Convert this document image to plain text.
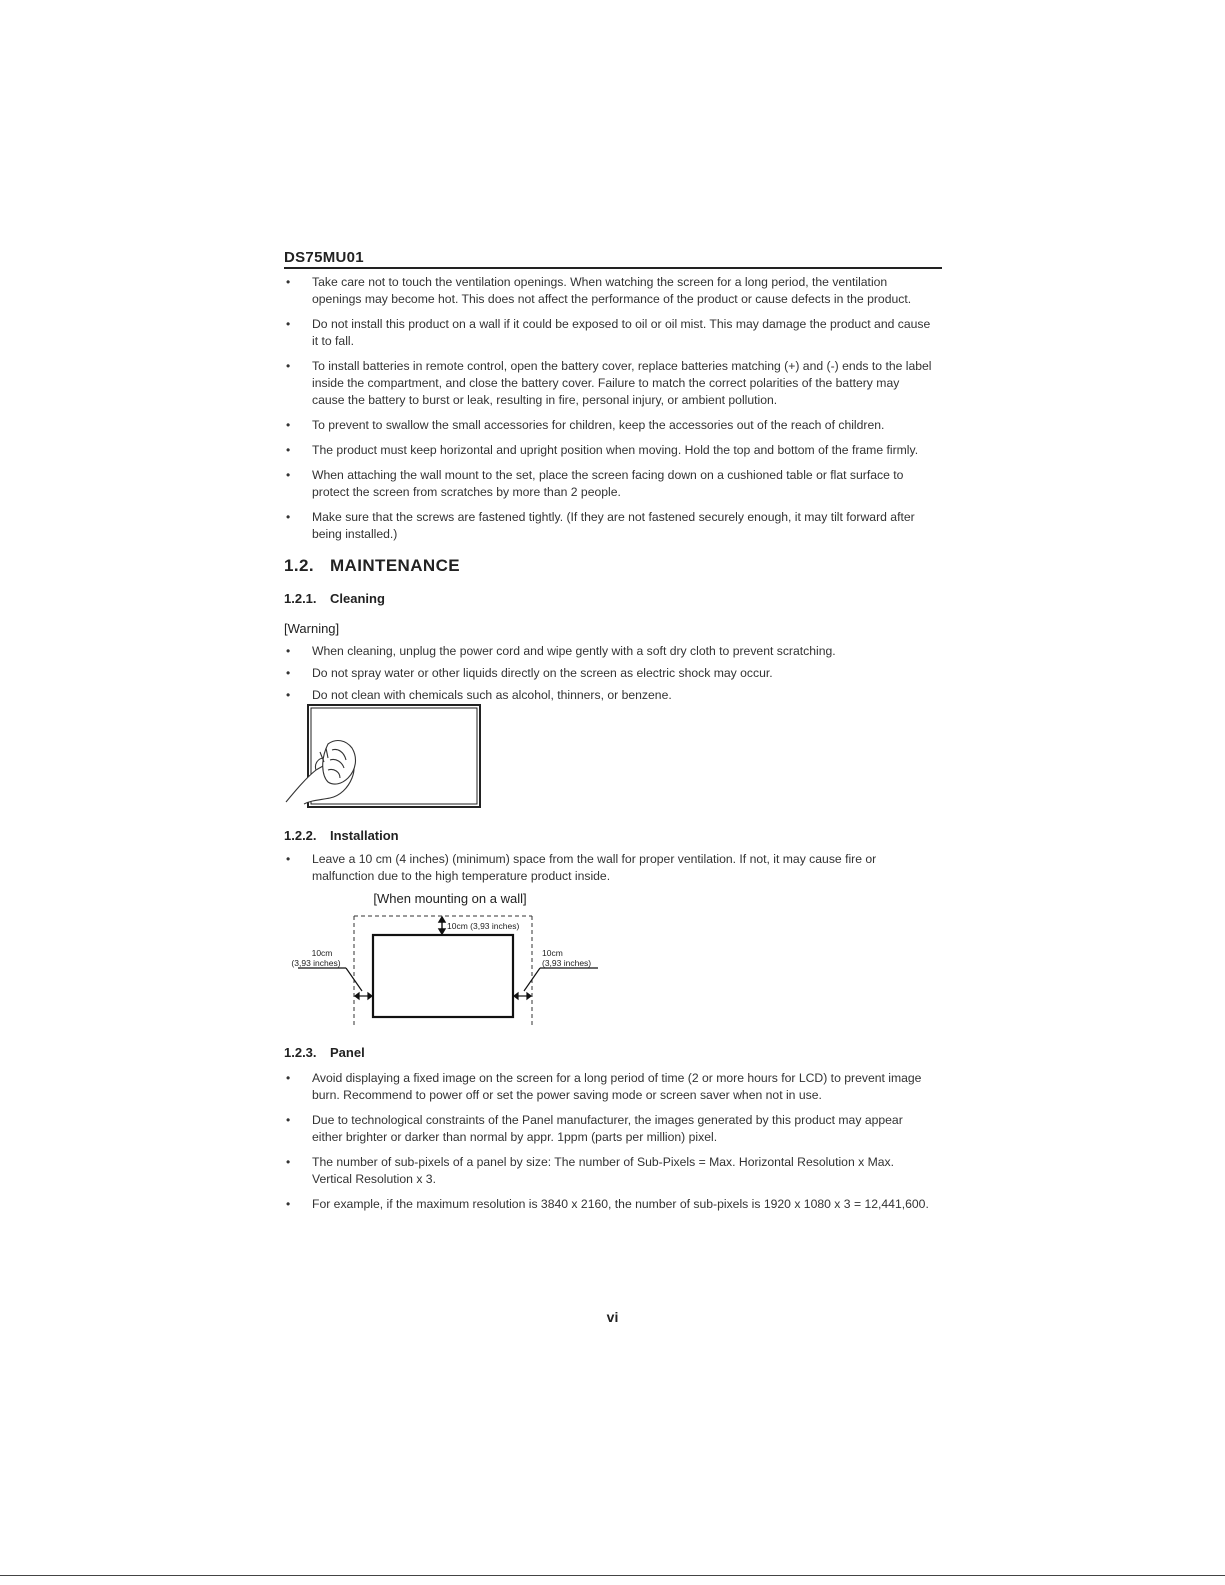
DS75MU01
• Take care not to touch the ventilation openings. When watching the screen for a long period, the ventilation openings may become hot. This does not affect the performance of the product or cause defects in the product.
• Do not install this product on a wall if it could be exposed to oil or oil mist. This may damage the product and cause it to fall.
• To install batteries in remote control, open the battery cover, replace batteries matching (+) and (-) ends to the label inside the compartment, and close the battery cover. Failure to match the correct polarities of the battery may cause the battery to burst or leak, resulting in fire, personal injury, or ambient pollution.
• To prevent to swallow the small accessories for children, keep the accessories out of the reach of children.
• The product must keep horizontal and upright position when moving. Hold the top and bottom of the frame firmly.
• When attaching the wall mount to the set, place the screen facing down on a cushioned table or flat surface to protect the screen from scratches by more than 2 people.
• Make sure that the screws are fastened tightly. (If they are not fastened securely enough, it may tilt forward after being installed.)
1.2. MAINTENANCE
1.2.1. Cleaning
[Warning]
• When cleaning, unplug the power cord and wipe gently with a soft dry cloth to prevent scratching.
• Do not spray water or other liquids directly on the screen as electric shock may occur.
• Do not clean with chemicals such as alcohol, thinners, or benzene.
1.2.2. Installation
• Leave a 10 cm (4 inches) (minimum) space from the wall for proper ventilation. If not, it may cause fire or malfunction due to the high temperature product inside.
[When mounting on a wall]
10cm (3,93 inches)
10cm
(3,93 inches)
10cm
(3,93 inches)
1.2.3. Panel
• Avoid displaying a fixed image on the screen for a long period of time (2 or more hours for LCD) to prevent image burn. Recommend to power off or set the power saving mode or screen saver when not in use.
• Due to technological constraints of the Panel manufacturer, the images generated by this product may appear either brighter or darker than normal by appr. 1ppm (parts per million) pixel.
• The number of sub-pixels of a panel by size: The number of Sub-Pixels = Max. Horizontal Resolution x Max. Vertical Resolution x 3.
• For example, if the maximum resolution is 3840 x 2160, the number of sub-pixels is 1920 x 1080 x 3 = 12,441,600.
vi
